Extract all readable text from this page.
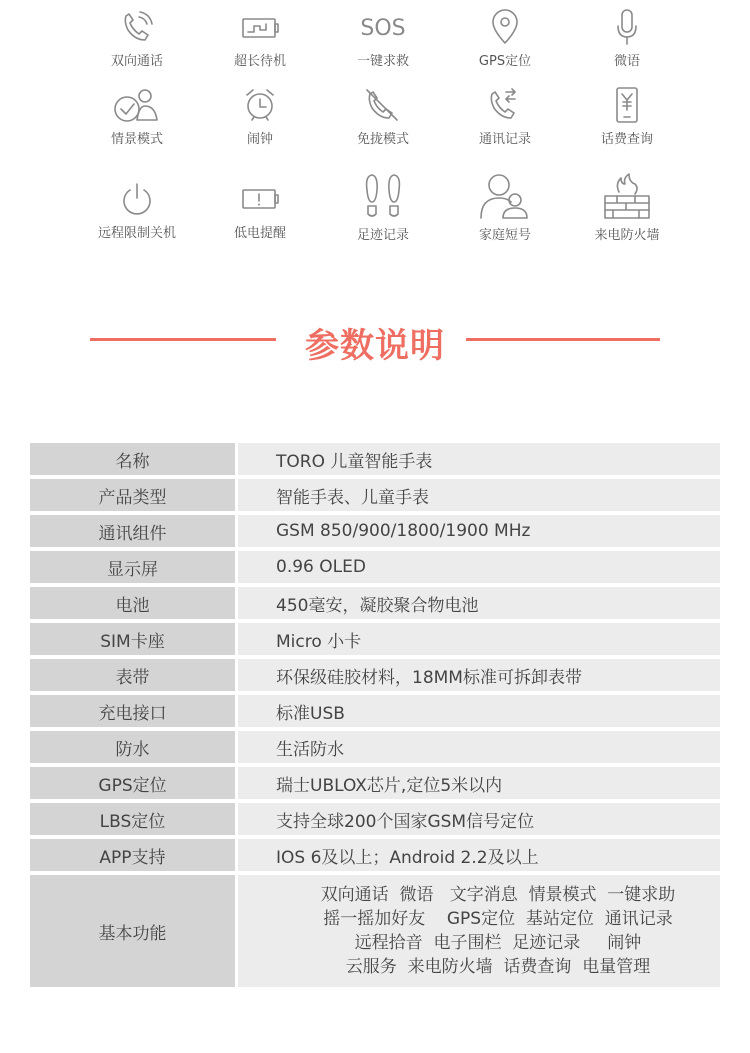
双向通话	超长待机
SOS
一键求救	GPS定位	微语
情景模式	闹钟	免拢模式	通讯记录	话费查询
远程限制关机	低电提醒	足迹记录	家庭短号	来电防火墙
参数说明
名称	TORO 儿童智能手表
产品类型	智能手表、儿童手表
通讯组件	GSM 850/900/1800/1900 MHz
显示屏	0.96 OLED
电池	450毫安，凝胶聚合物电池
SIM卡座	Micro 小卡
表带	环保级硅胶材料，18MM标准可拆卸表带
充电接口	标准USB
防水	生活防水
GPS定位	瑞士UBLOX芯片,定位5米以内
LBS定位	支持全球200个国家GSM信号定位
APP支持	IOS 6及以上；Android 2.2及以上
基本功能
双向通话  微语   文字消息  情景模式  一键求助
摇一摇加好友    GPS定位  基站定位  通讯记录
远程拾音  电子围栏  足迹记录     闹钟
云服务  来电防火墙  话费查询  电量管理
